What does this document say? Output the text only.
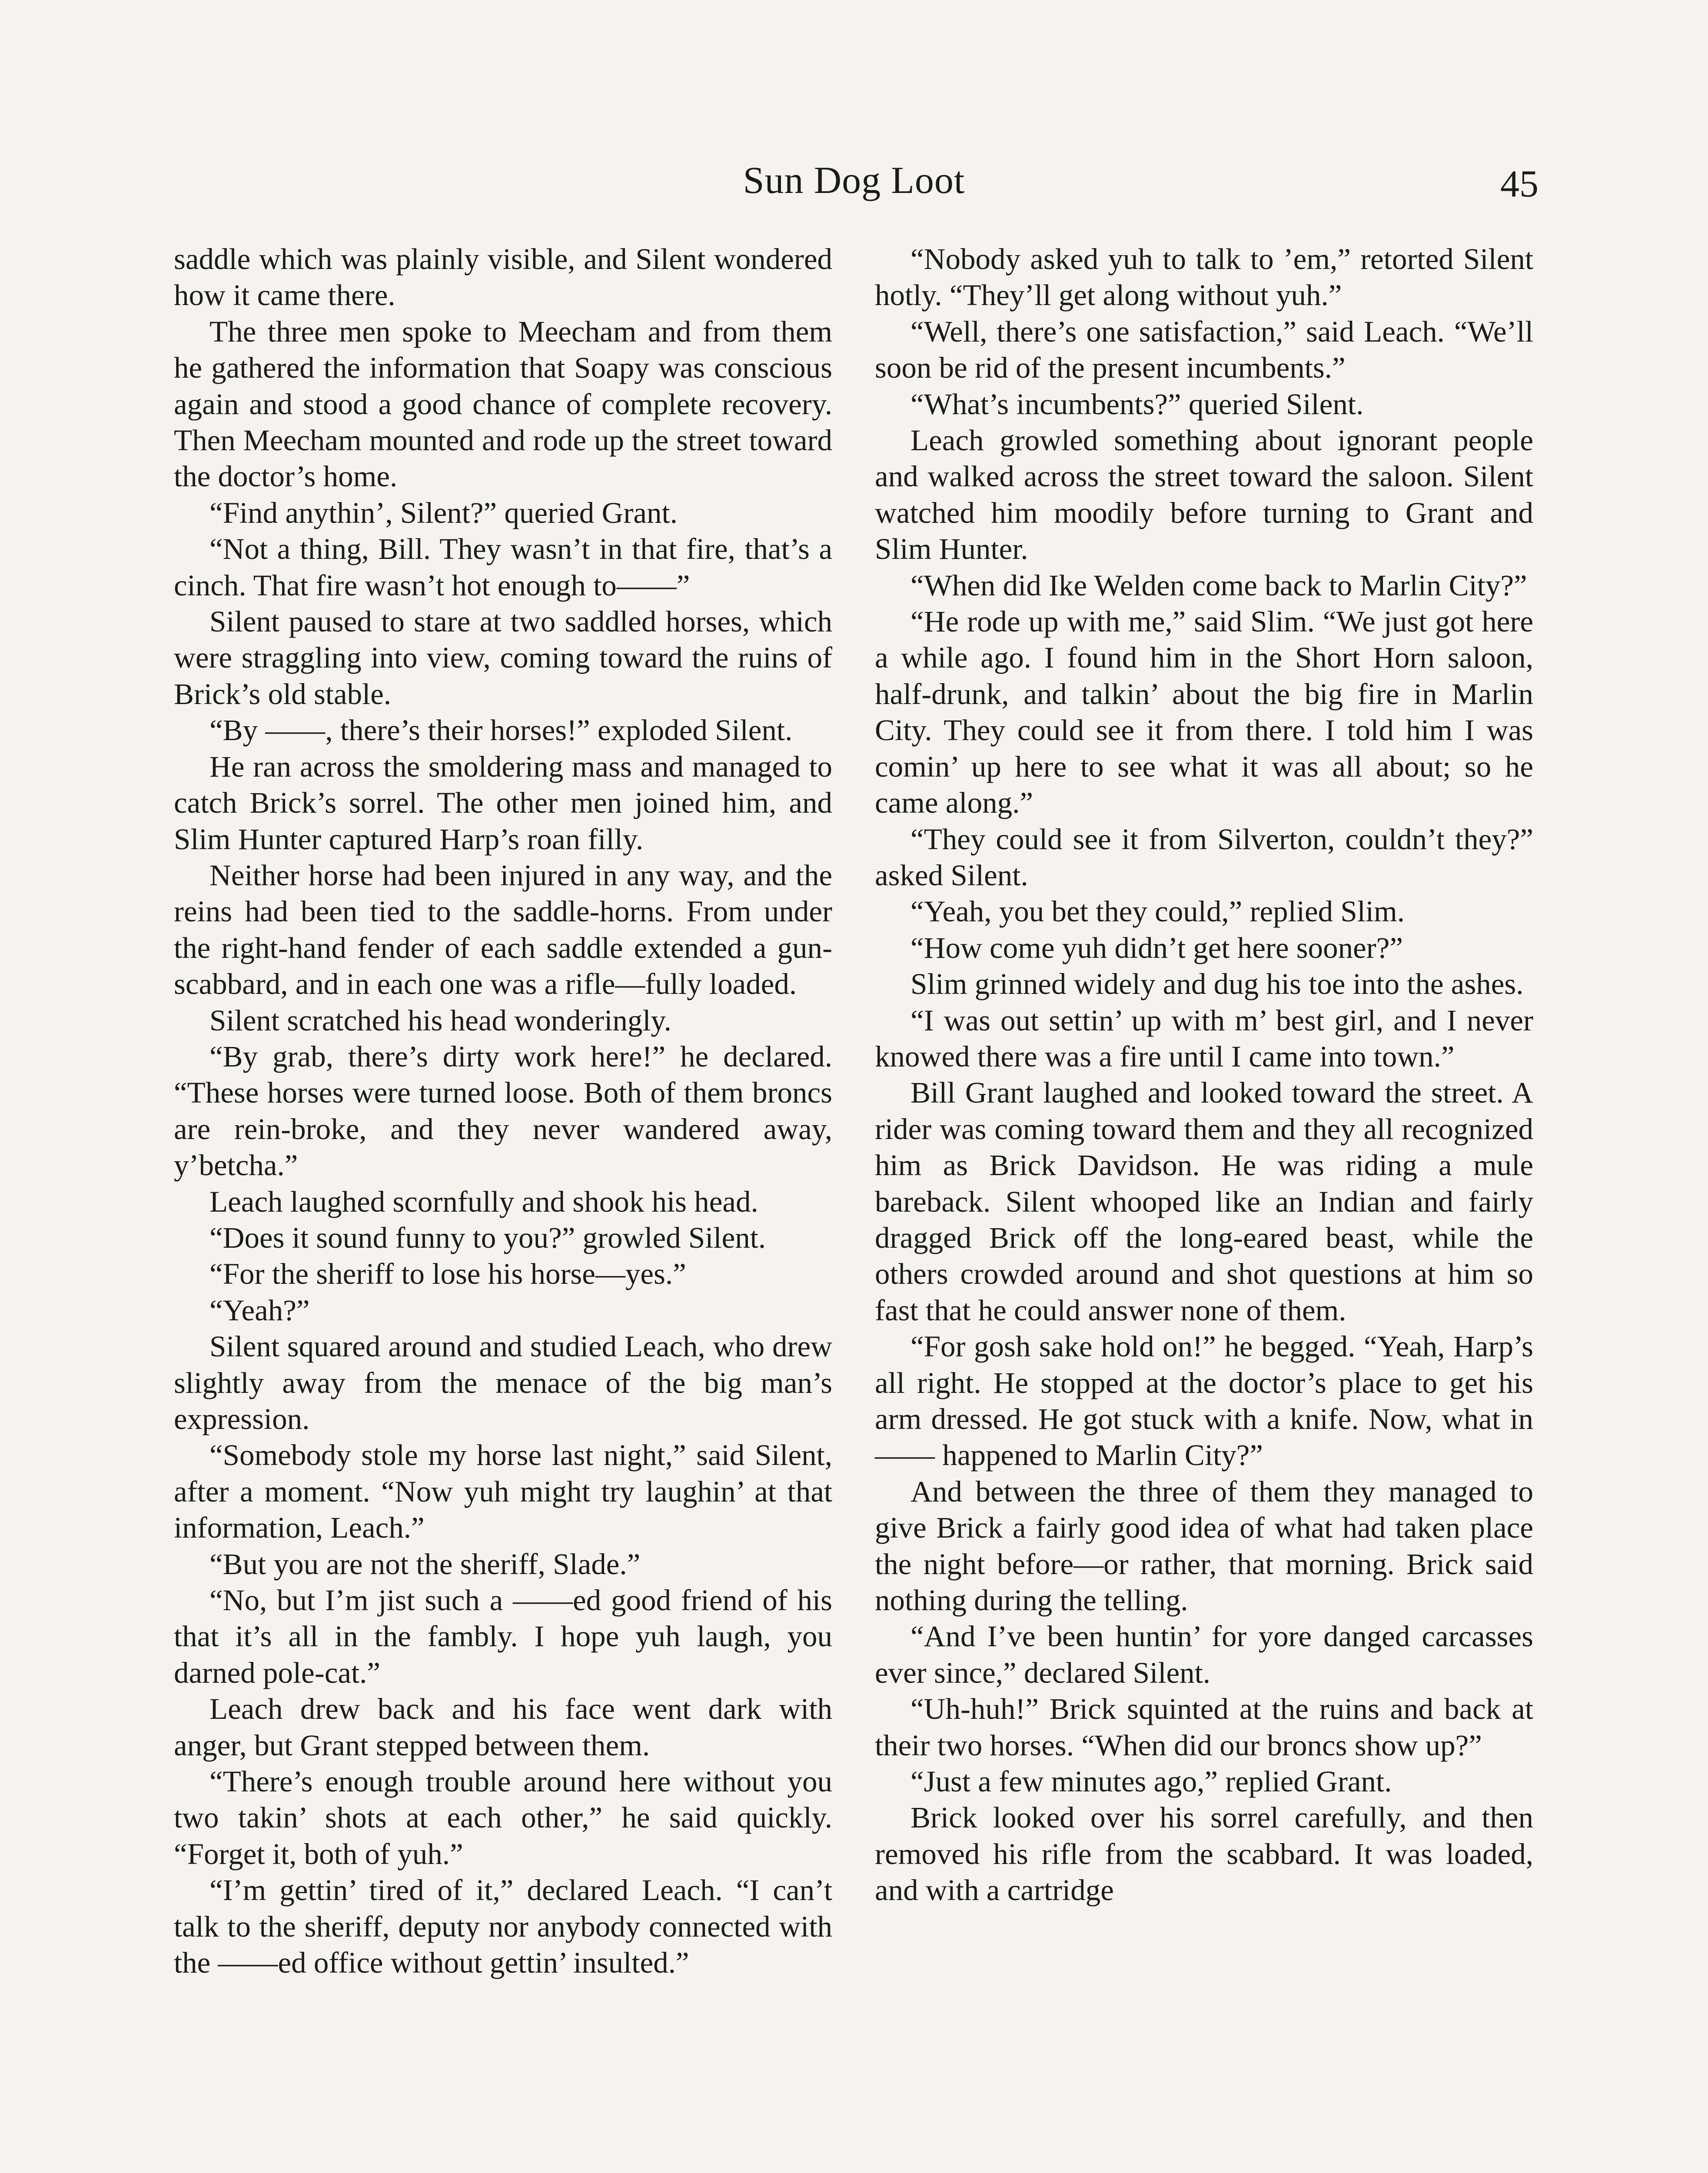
Sun Dog Loot	45

saddle which was plainly visible, and Silent wondered how it came there.

The three men spoke to Meecham and from them he gathered the information that Soapy was conscious again and stood a good chance of complete recovery. Then Meecham mounted and rode up the street toward the doctor’s home.

“Find anythin’, Silent?” queried Grant.

“Not a thing, Bill. They wasn’t in that fire, that’s a cinch. That fire wasn’t hot enough to——”

Silent paused to stare at two saddled horses, which were straggling into view, coming toward the ruins of Brick’s old stable.

“By ——, there’s their horses!” exploded Silent.

He ran across the smoldering mass and managed to catch Brick’s sorrel. The other men joined him, and Slim Hunter captured Harp’s roan filly.

Neither horse had been injured in any way, and the reins had been tied to the saddle-horns. From under the right-hand fender of each saddle extended a gun-scabbard, and in each one was a rifle—fully loaded.

Silent scratched his head wonderingly.

“By grab, there’s dirty work here!” he declared. “These horses were turned loose. Both of them broncs are rein-broke, and they never wandered away, y’betcha.”

Leach laughed scornfully and shook his head.

“Does it sound funny to you?” growled Silent.

“For the sheriff to lose his horse—yes.”

“Yeah?”

Silent squared around and studied Leach, who drew slightly away from the menace of the big man’s expression.

“Somebody stole my horse last night,” said Silent, after a moment. “Now yuh might try laughin’ at that information, Leach.”

“But you are not the sheriff, Slade.”

“No, but I’m jist such a ——ed good friend of his that it’s all in the fambly. I hope yuh laugh, you darned pole-cat.”

Leach drew back and his face went dark with anger, but Grant stepped between them.

“There’s enough trouble around here without you two takin’ shots at each other,” he said quickly. “Forget it, both of yuh.”

“I’m gettin’ tired of it,” declared Leach. “I can’t talk to the sheriff, deputy nor anybody connected with the ——ed office without gettin’ insulted.”

“Nobody asked yuh to talk to ’em,” retorted Silent hotly. “They’ll get along without yuh.”

“Well, there’s one satisfaction,” said Leach. “We’ll soon be rid of the present incumbents.”

“What’s incumbents?” queried Silent.

Leach growled something about ignorant people and walked across the street toward the saloon. Silent watched him moodily before turning to Grant and Slim Hunter.

“When did Ike Welden come back to Marlin City?”

“He rode up with me,” said Slim. “We just got here a while ago. I found him in the Short Horn saloon, half-drunk, and talkin’ about the big fire in Marlin City. They could see it from there. I told him I was comin’ up here to see what it was all about; so he came along.”

“They could see it from Silverton, couldn’t they?” asked Silent.

“Yeah, you bet they could,” replied Slim.

“How come yuh didn’t get here sooner?”

Slim grinned widely and dug his toe into the ashes.

“I was out settin’ up with m’ best girl, and I never knowed there was a fire until I came into town.”

Bill Grant laughed and looked toward the street. A rider was coming toward them and they all recognized him as Brick Davidson. He was riding a mule bareback. Silent whooped like an Indian and fairly dragged Brick off the long-eared beast, while the others crowded around and shot questions at him so fast that he could answer none of them.

“For gosh sake hold on!” he begged. “Yeah, Harp’s all right. He stopped at the doctor’s place to get his arm dressed. He got stuck with a knife. Now, what in —— happened to Marlin City?”

And between the three of them they managed to give Brick a fairly good idea of what had taken place the night before—or rather, that morning. Brick said nothing during the telling.

“And I’ve been huntin’ for yore danged carcasses ever since,” declared Silent.

“Uh-huh!” Brick squinted at the ruins and back at their two horses. “When did our broncs show up?”

“Just a few minutes ago,” replied Grant.

Brick looked over his sorrel carefully, and then removed his rifle from the scabbard. It was loaded, and with a cartridge
